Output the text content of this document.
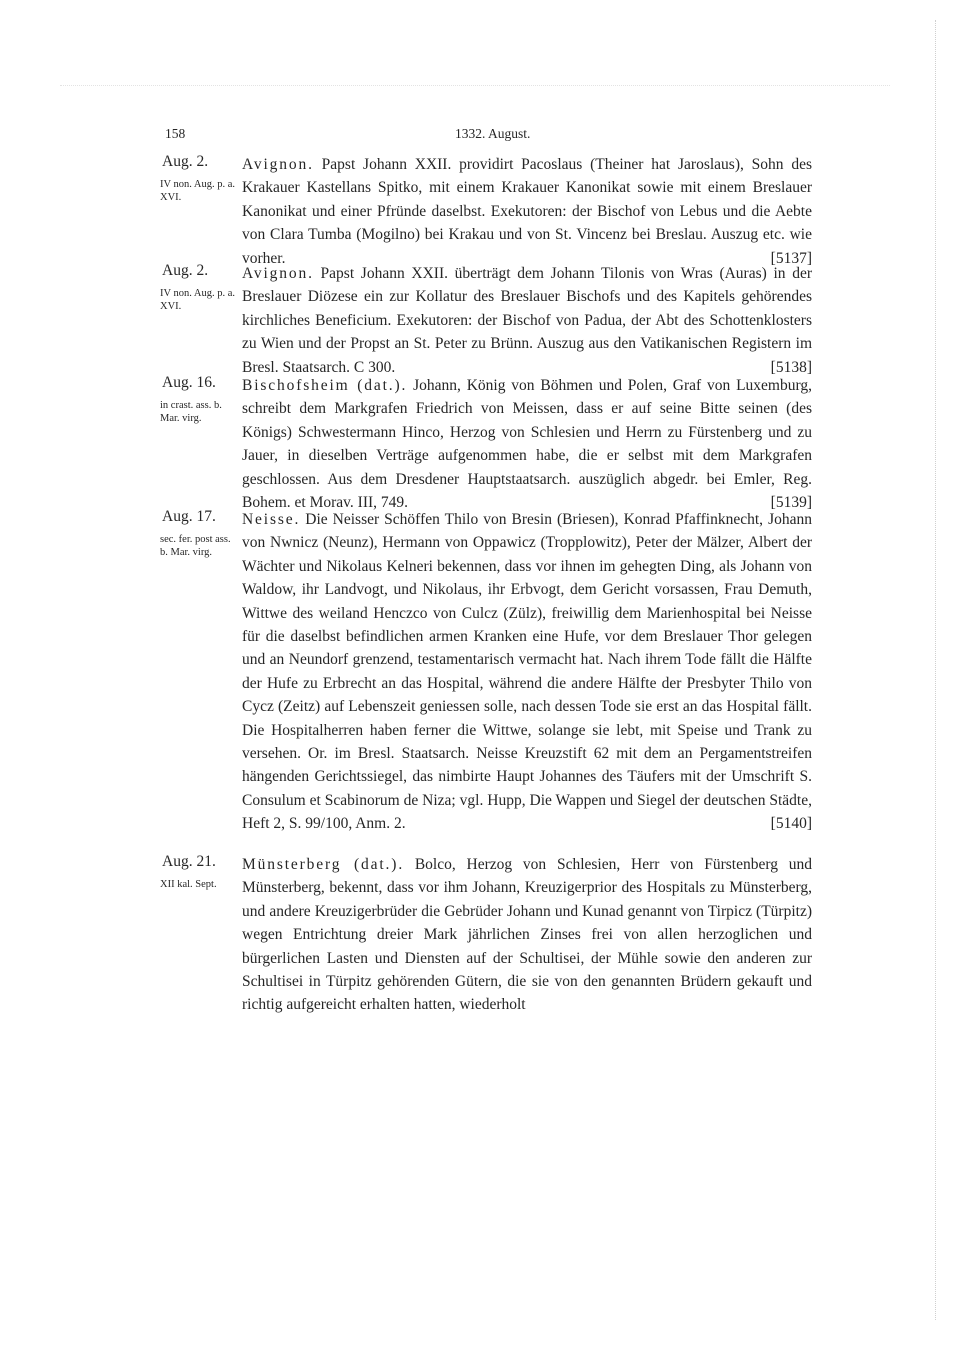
158	1332. August.
Aug. 2.
IV non. Aug. p. a. XVI.
Avignon. Papst Johann XXII. providirt Pacoslaus (Theiner hat Jaroslaus), Sohn des Krakauer Kastellans Spitko, mit einem Krakauer Kanonikat sowie mit einem Breslauer Kanonikat und einer Pfründe daselbst. Exekutoren: der Bischof von Lebus und die Aebte von Clara Tumba (Mogilno) bei Krakau und von St. Vincenz bei Breslau. Auszug etc. wie vorher.	[5137]
Aug. 2.
IV non. Aug. p. a. XVI.
Avignon. Papst Johann XXII. überträgt dem Johann Tilonis von Wras (Auras) in der Breslauer Diözese ein zur Kollatur des Breslauer Bischofs und des Kapitels gehörendes kirchliches Beneficium. Exekutoren: der Bischof von Padua, der Abt des Schottenklosters zu Wien und der Propst an St. Peter zu Brünn. Auszug aus den Vatikanischen Registern im Bresl. Staatsarch. C 300.	[5138]
Aug. 16.
in crast. ass. b. Mar. virg.
Bischofsheim (dat.). Johann, König von Böhmen und Polen, Graf von Luxemburg, schreibt dem Markgrafen Friedrich von Meissen, dass er auf seine Bitte seinen (des Königs) Schwestermann Hinco, Herzog von Schlesien und Herrn zu Fürstenberg und zu Jauer, in dieselben Verträge aufgenommen habe, die er selbst mit dem Markgrafen geschlossen. Aus dem Dresdener Hauptstaatsarch. auszüglich abgedr. bei Emler, Reg. Bohem. et Morav. III, 749.	[5139]
Aug. 17.
sec. fer. post ass. b. Mar. virg.
Neisse. Die Neisser Schöffen Thilo von Bresin (Briesen), Konrad Pfaffinknecht, Johann von Nwnicz (Neunz), Hermann von Oppawicz (Tropplowitz), Peter der Mälzer, Albert der Wächter und Nikolaus Kelneri bekennen, dass vor ihnen im gehegten Ding, als Johann von Waldow, ihr Landvogt, und Nikolaus, ihr Erbvogt, dem Gericht vorsassen, Frau Demuth, Wittwe des weiland Henczco von Culcz (Zülz), freiwillig dem Marienhospital bei Neisse für die daselbst befindlichen armen Kranken eine Hufe, vor dem Breslauer Thor gelegen und an Neundorf grenzend, testamentarisch vermacht hat. Nach ihrem Tode fällt die Hälfte der Hufe zu Erbrecht an das Hospital, während die andere Hälfte der Presbyter Thilo von Cycz (Zeitz) auf Lebenszeit geniessen solle, nach dessen Tode sie erst an das Hospital fällt. Die Hospitalherren haben ferner die Wittwe, solange sie lebt, mit Speise und Trank zu versehen. Or. im Bresl. Staatsarch. Neisse Kreuzstift 62 mit dem an Pergamentstreifen hängenden Gerichtssiegel, das nimbirte Haupt Johannes des Täufers mit der Umschrift S. Consulum et Scabinorum de Niza; vgl. Hupp, Die Wappen und Siegel der deutschen Städte, Heft 2, S. 99/100, Anm. 2.	[5140]
Aug. 21.
XII kal. Sept.
Münsterberg (dat.). Bolco, Herzog von Schlesien, Herr von Fürstenberg und Münsterberg, bekennt, dass vor ihm Johann, Kreuzigerprior des Hospitals zu Münsterberg, und andere Kreuzigerbrüder die Gebrüder Johann und Kunad genannt von Tirpicz (Türpitz) wegen Entrichtung dreier Mark jährlichen Zinses frei von allen herzoglichen und bürgerlichen Lasten und Diensten auf der Schultisei, der Mühle sowie den anderen zur Schultisei in Türpitz gehörenden Gütern, die sie von den genannten Brüdern gekauft und richtig aufgereicht erhalten hatten, wiederholt
